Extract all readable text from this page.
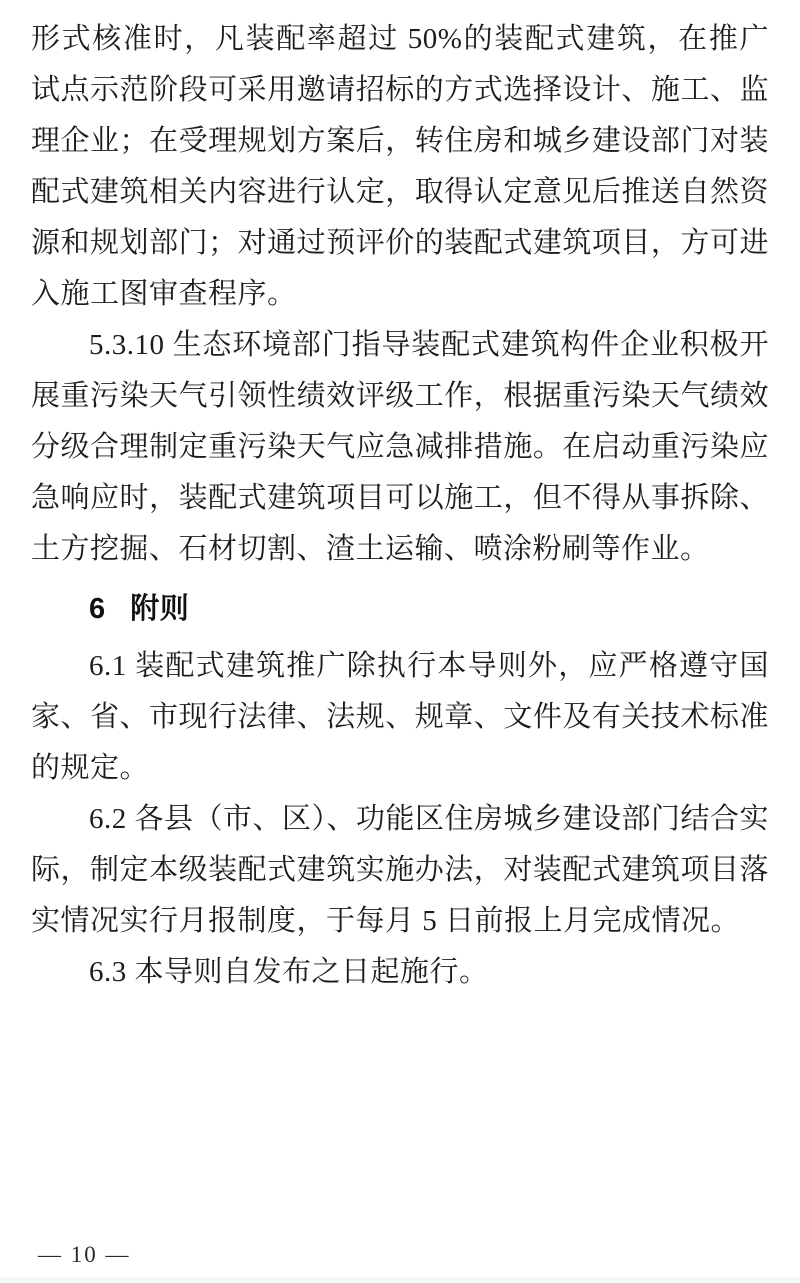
形式核准时，凡装配率超过 50%的装配式建筑，在推广试点示范阶段可采用邀请招标的方式选择设计、施工、监理企业；在受理规划方案后，转住房和城乡建设部门对装配式建筑相关内容进行认定，取得认定意见后推送自然资源和规划部门；对通过预评价的装配式建筑项目，方可进入施工图审查程序。

5.3.10 生态环境部门指导装配式建筑构件企业积极开展重污染天气引领性绩效评级工作，根据重污染天气绩效分级合理制定重污染天气应急减排措施。在启动重污染应急响应时，装配式建筑项目可以施工，但不得从事拆除、土方挖掘、石材切割、渣土运输、喷涂粉刷等作业。

6 附则

6.1 装配式建筑推广除执行本导则外，应严格遵守国家、省、市现行法律、法规、规章、文件及有关技术标准的规定。

6.2 各县（市、区）、功能区住房城乡建设部门结合实际，制定本级装配式建筑实施办法，对装配式建筑项目落实情况实行月报制度，于每月 5 日前报上月完成情况。

6.3 本导则自发布之日起施行。

— 10 —
